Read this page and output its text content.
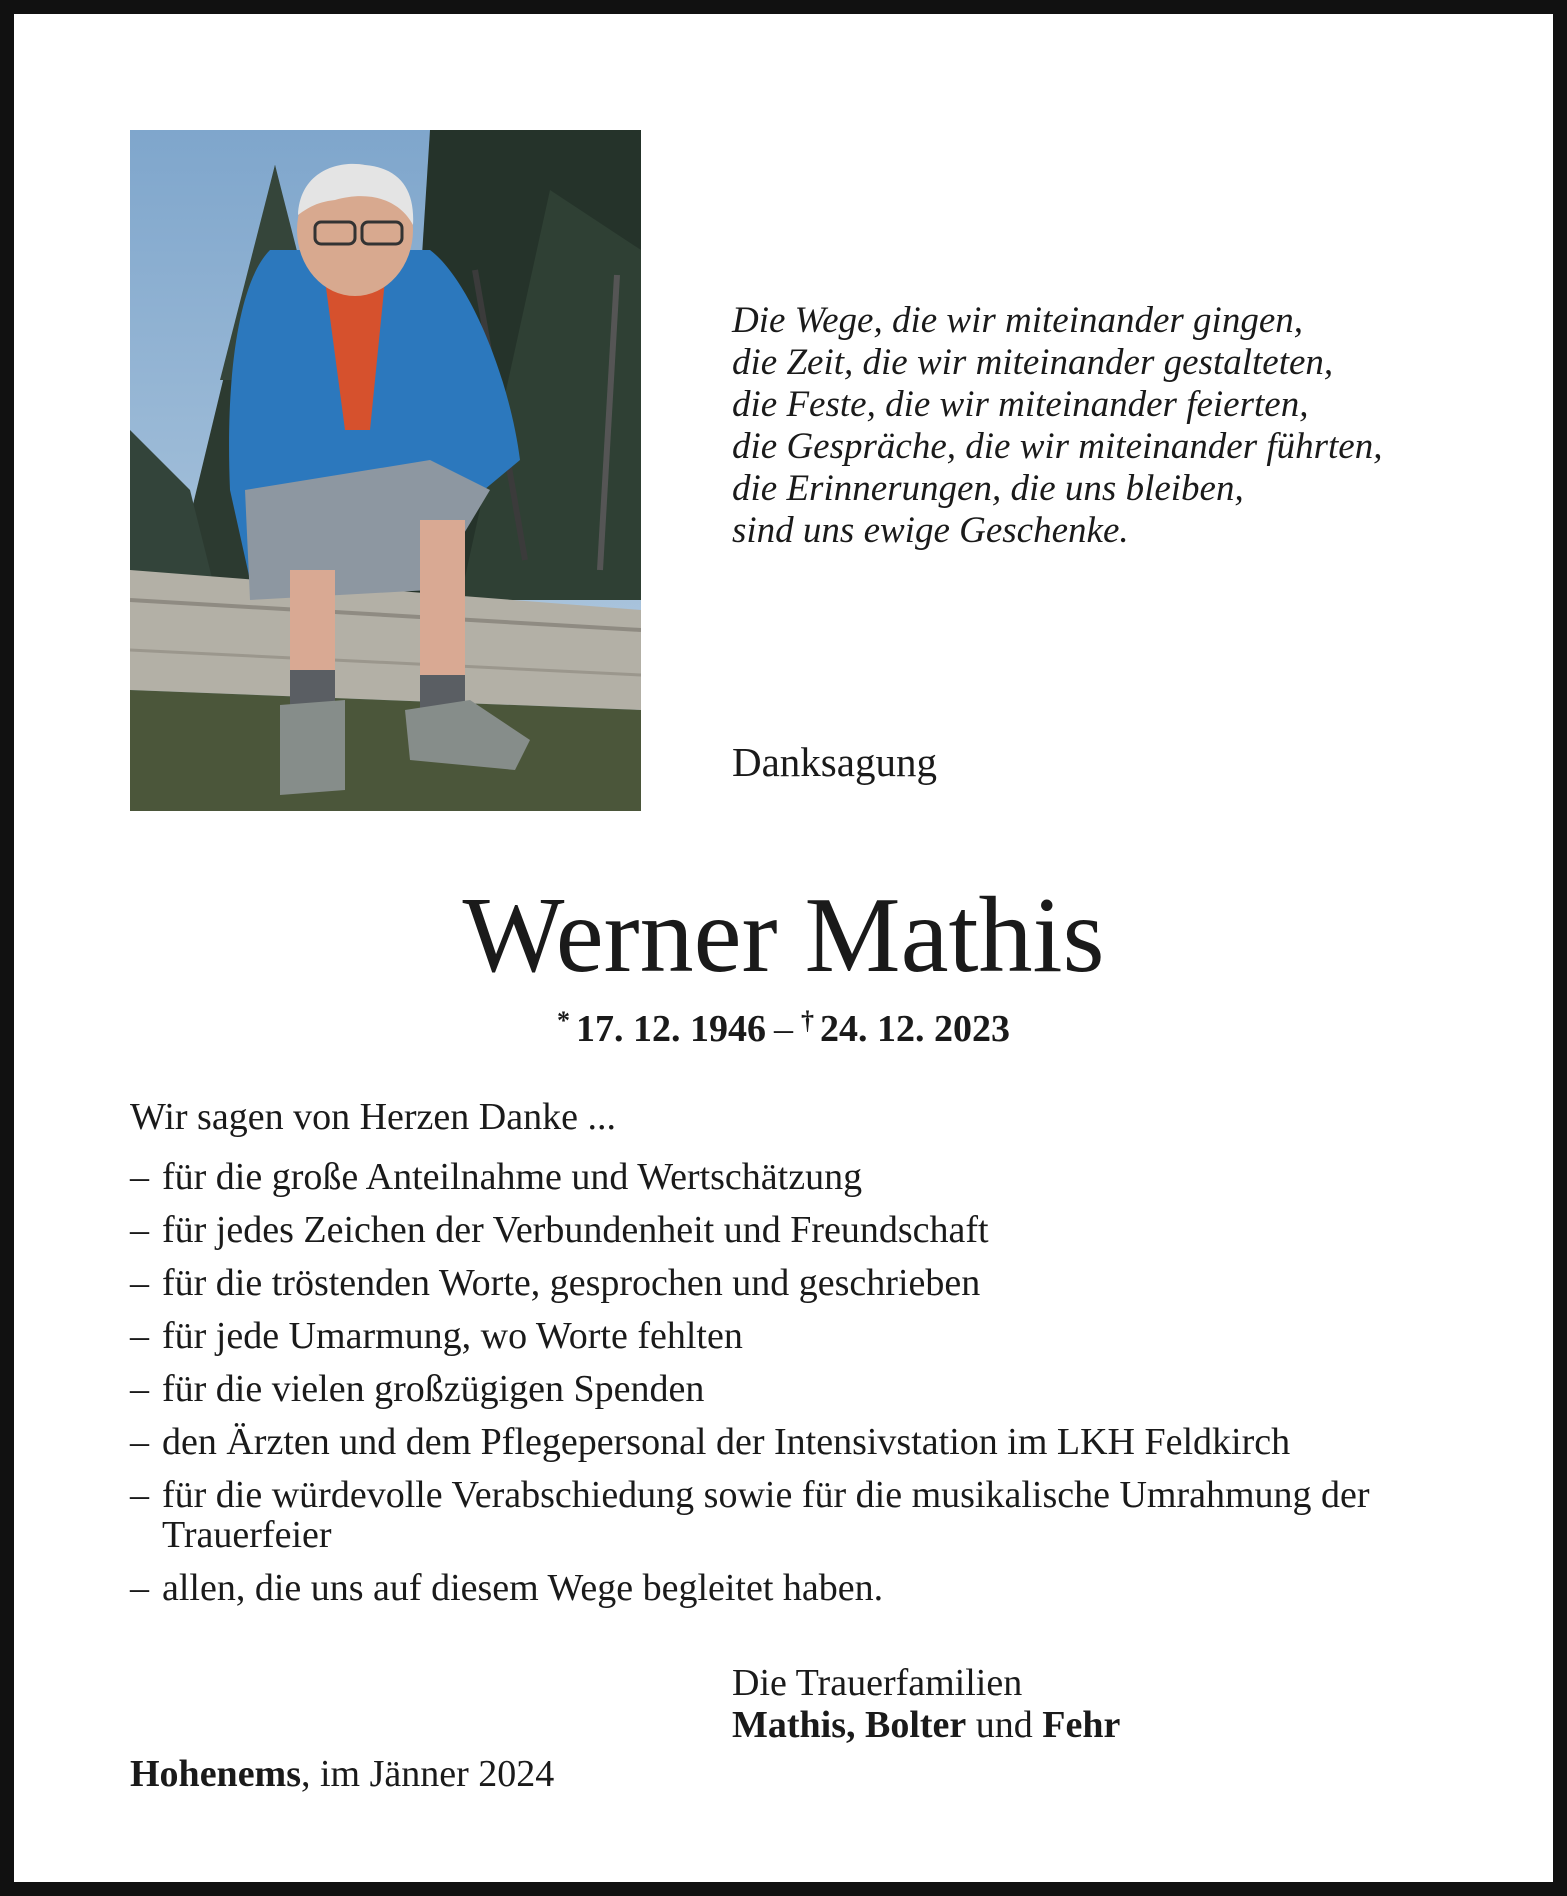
Die Wege, die wir miteinander gingen,
die Zeit, die wir miteinander gestalteten,
die Feste, die wir miteinander feierten,
die Gespräche, die wir miteinander führten,
die Erinnerungen, die uns bleiben,
sind uns ewige Geschenke.
Danksagung
Werner Mathis
* 17. 12. 1946 – † 24. 12. 2023
Wir sagen von Herzen Danke ...
– für die große Anteilnahme und Wertschätzung
– für jedes Zeichen der Verbundenheit und Freundschaft
– für die tröstenden Worte, gesprochen und geschrieben
– für jede Umarmung, wo Worte fehlten
– für die vielen großzügigen Spenden
– den Ärzten und dem Pflegepersonal der Intensivstation im LKH Feldkirch
– für die würdevolle Verabschiedung sowie für die musikalische Umrahmung der Trauerfeier
– allen, die uns auf diesem Wege begleitet haben.
Die Trauerfamilien
Mathis, Bolter und Fehr
Hohenems, im Jänner 2024
